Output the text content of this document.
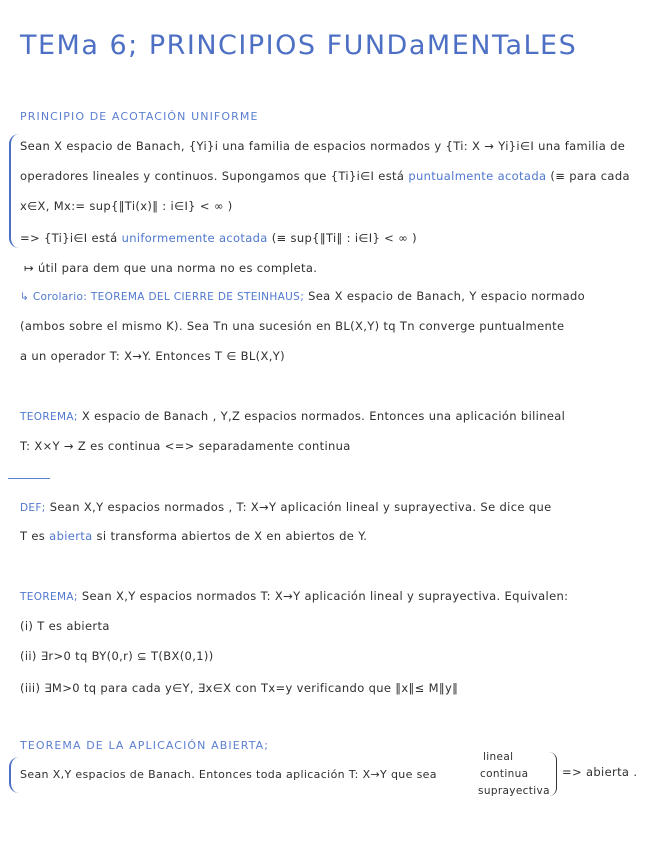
TEMa 6; PRINCIPIOS FUNDaMENTaLES
PRINCIPIO DE ACOTACIÓN UNIFORME
Sean X espacio de Banach, {Yi}i una familia de espacios normados y {Ti: X → Yi}i∈I una familia de
operadores lineales y continuos. Supongamos que {Ti}i∈I está puntualmente acotada (≡ para cada
x∈X, Mx:= sup{‖Ti(x)‖ : i∈I} < ∞ )
=> {Ti}i∈I está uniformemente acotada (≡ sup{‖Ti‖ : i∈I} < ∞ )
↦ útil para dem que una norma no es completa.
↳ Corolario: TEOREMA DEL CIERRE DE STEINHAUS; Sea X espacio de Banach, Y espacio normado
(ambos sobre el mismo K). Sea Tn una sucesión en BL(X,Y) tq Tn converge puntualmente
a un operador T: X→Y. Entonces T ∈ BL(X,Y)
TEOREMA; X espacio de Banach , Y,Z espacios normados. Entonces una aplicación bilineal
T: X×Y → Z es continua <=> separadamente continua
DEF; Sean X,Y espacios normados , T: X→Y aplicación lineal y suprayectiva. Se dice que
T es abierta si transforma abiertos de X en abiertos de Y.
TEOREMA; Sean X,Y espacios normados T: X→Y aplicación lineal y suprayectiva. Equivalen:
(i) T es abierta
(ii) ∃r>0 tq BY(0,r) ⊆ T(BX(0,1))
(iii) ∃M>0 tq para cada y∈Y, ∃x∈X con Tx=y verificando que ‖x‖≤ M‖y‖
TEOREMA DE LA APLICACIÓN ABIERTA;
Sean X,Y espacios de Banach. Entonces toda aplicación T: X→Y que sea
lineal
continua
suprayectiva
=> abierta .
